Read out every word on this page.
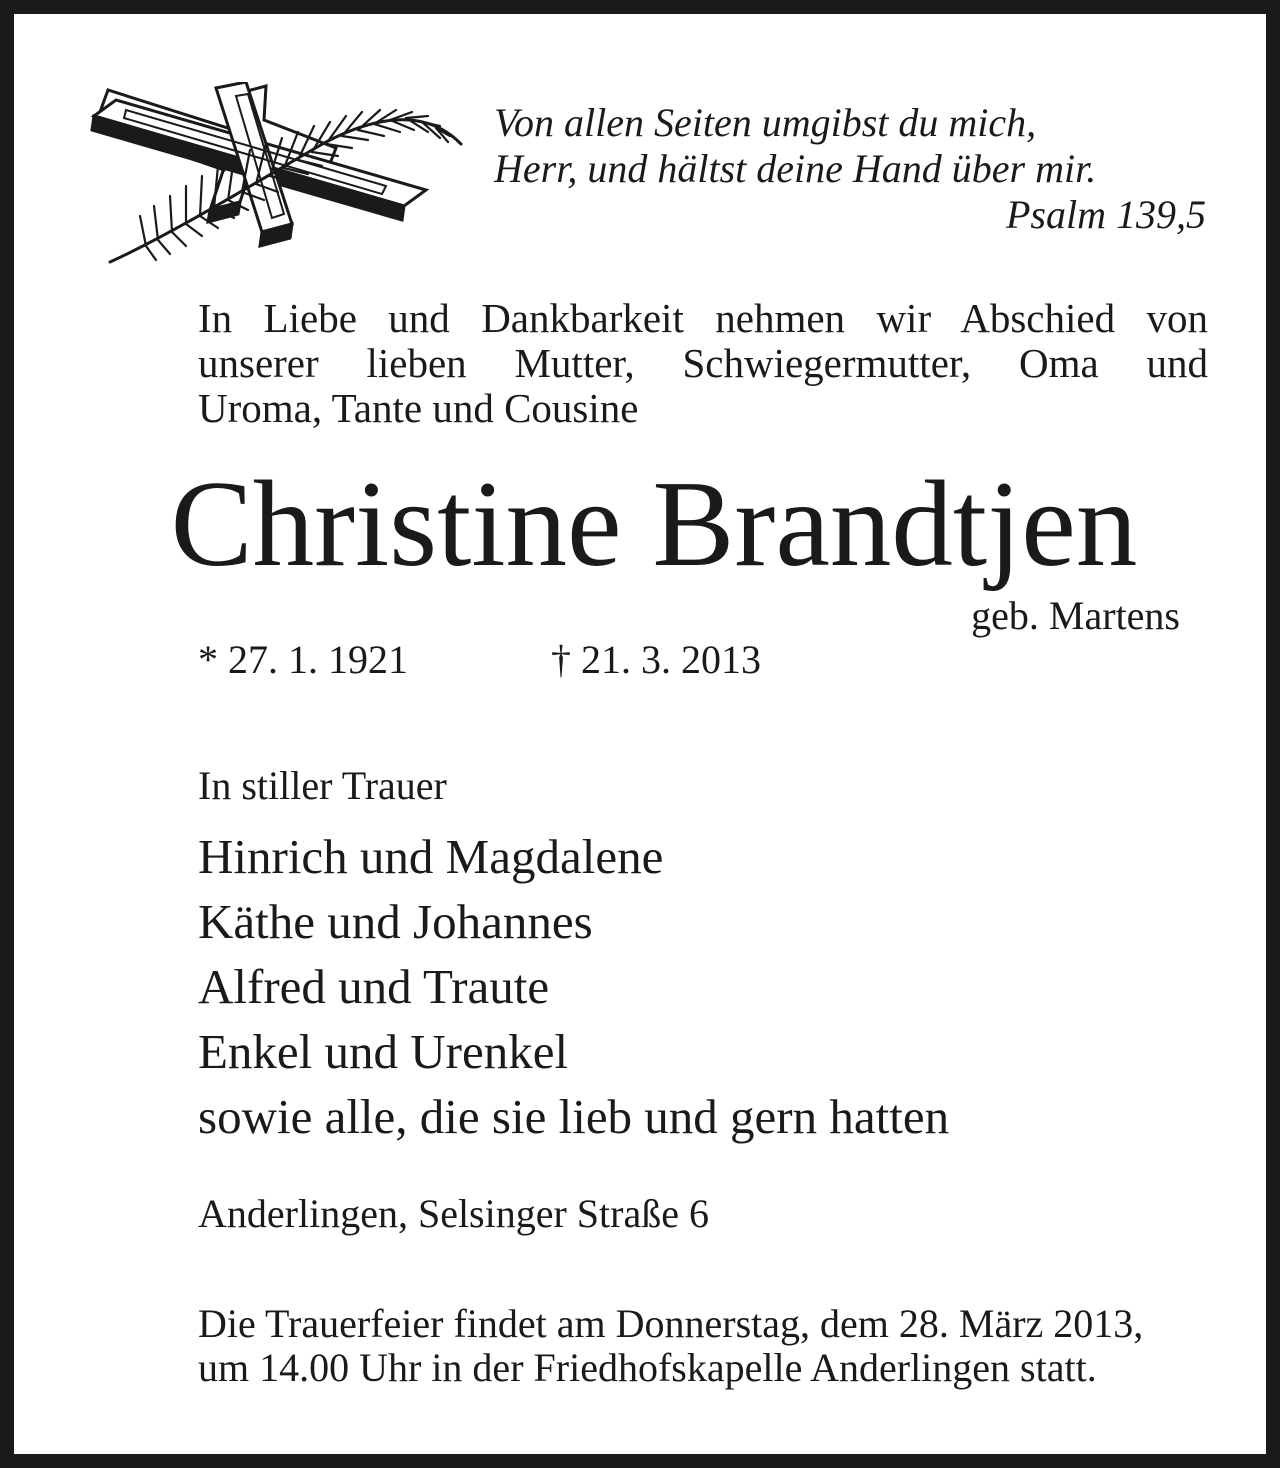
Von allen Seiten umgibst du mich,
Herr, und hältst deine Hand über mir.
Psalm 139,5
In Liebe und Dankbarkeit nehmen wir Abschied von
unserer lieben Mutter, Schwiegermutter, Oma und
Uroma, Tante und Cousine
Christine Brandtjen
geb. Martens
* 27. 1. 1921	† 21. 3. 2013
In stiller Trauer
Hinrich und Magdalene
Käthe und Johannes
Alfred und Traute
Enkel und Urenkel
sowie alle, die sie lieb und gern hatten
Anderlingen, Selsinger Straße 6
Die Trauerfeier findet am Donnerstag, dem 28. März 2013,
um 14.00 Uhr in der Friedhofskapelle Anderlingen statt.
